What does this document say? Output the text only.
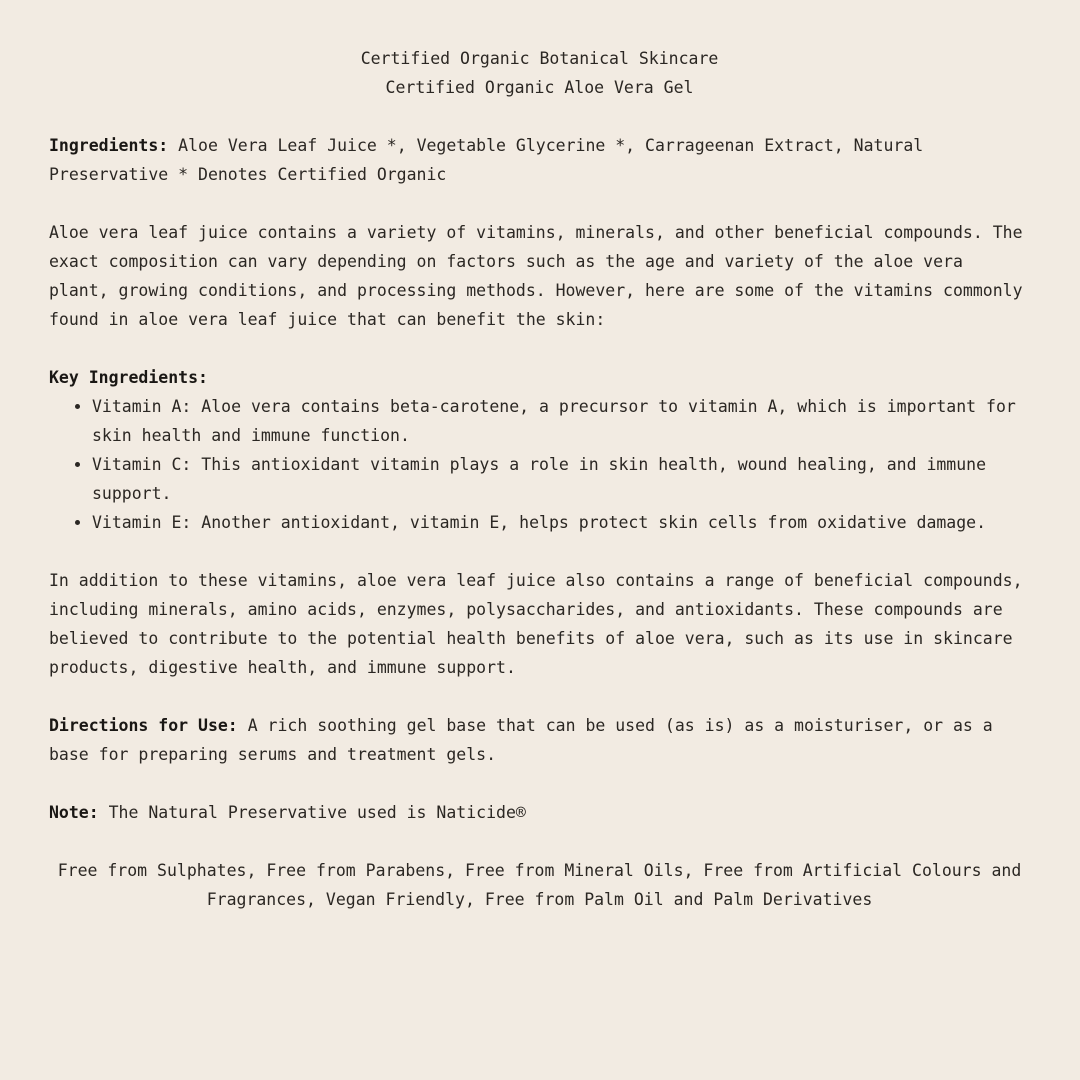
Certified Organic Botanical Skincare
Certified Organic Aloe Vera Gel

Ingredients: Aloe Vera Leaf Juice *, Vegetable Glycerine *, Carrageenan Extract, Natural Preservative * Denotes Certified Organic

Aloe vera leaf juice contains a variety of vitamins, minerals, and other beneficial compounds. The exact composition can vary depending on factors such as the age and variety of the aloe vera plant, growing conditions, and processing methods. However, here are some of the vitamins commonly found in aloe vera leaf juice that can benefit the skin:

Key Ingredients:
• Vitamin A: Aloe vera contains beta-carotene, a precursor to vitamin A, which is important for skin health and immune function.
• Vitamin C: This antioxidant vitamin plays a role in skin health, wound healing, and immune support.
• Vitamin E: Another antioxidant, vitamin E, helps protect skin cells from oxidative damage.

In addition to these vitamins, aloe vera leaf juice also contains a range of beneficial compounds, including minerals, amino acids, enzymes, polysaccharides, and antioxidants. These compounds are believed to contribute to the potential health benefits of aloe vera, such as its use in skincare products, digestive health, and immune support.

Directions for Use: A rich soothing gel base that can be used (as is) as a moisturiser, or as a base for preparing serums and treatment gels.

Note: The Natural Preservative used is Naticide®

Free from Sulphates, Free from Parabens, Free from Mineral Oils, Free from Artificial Colours and Fragrances, Vegan Friendly, Free from Palm Oil and Palm Derivatives
